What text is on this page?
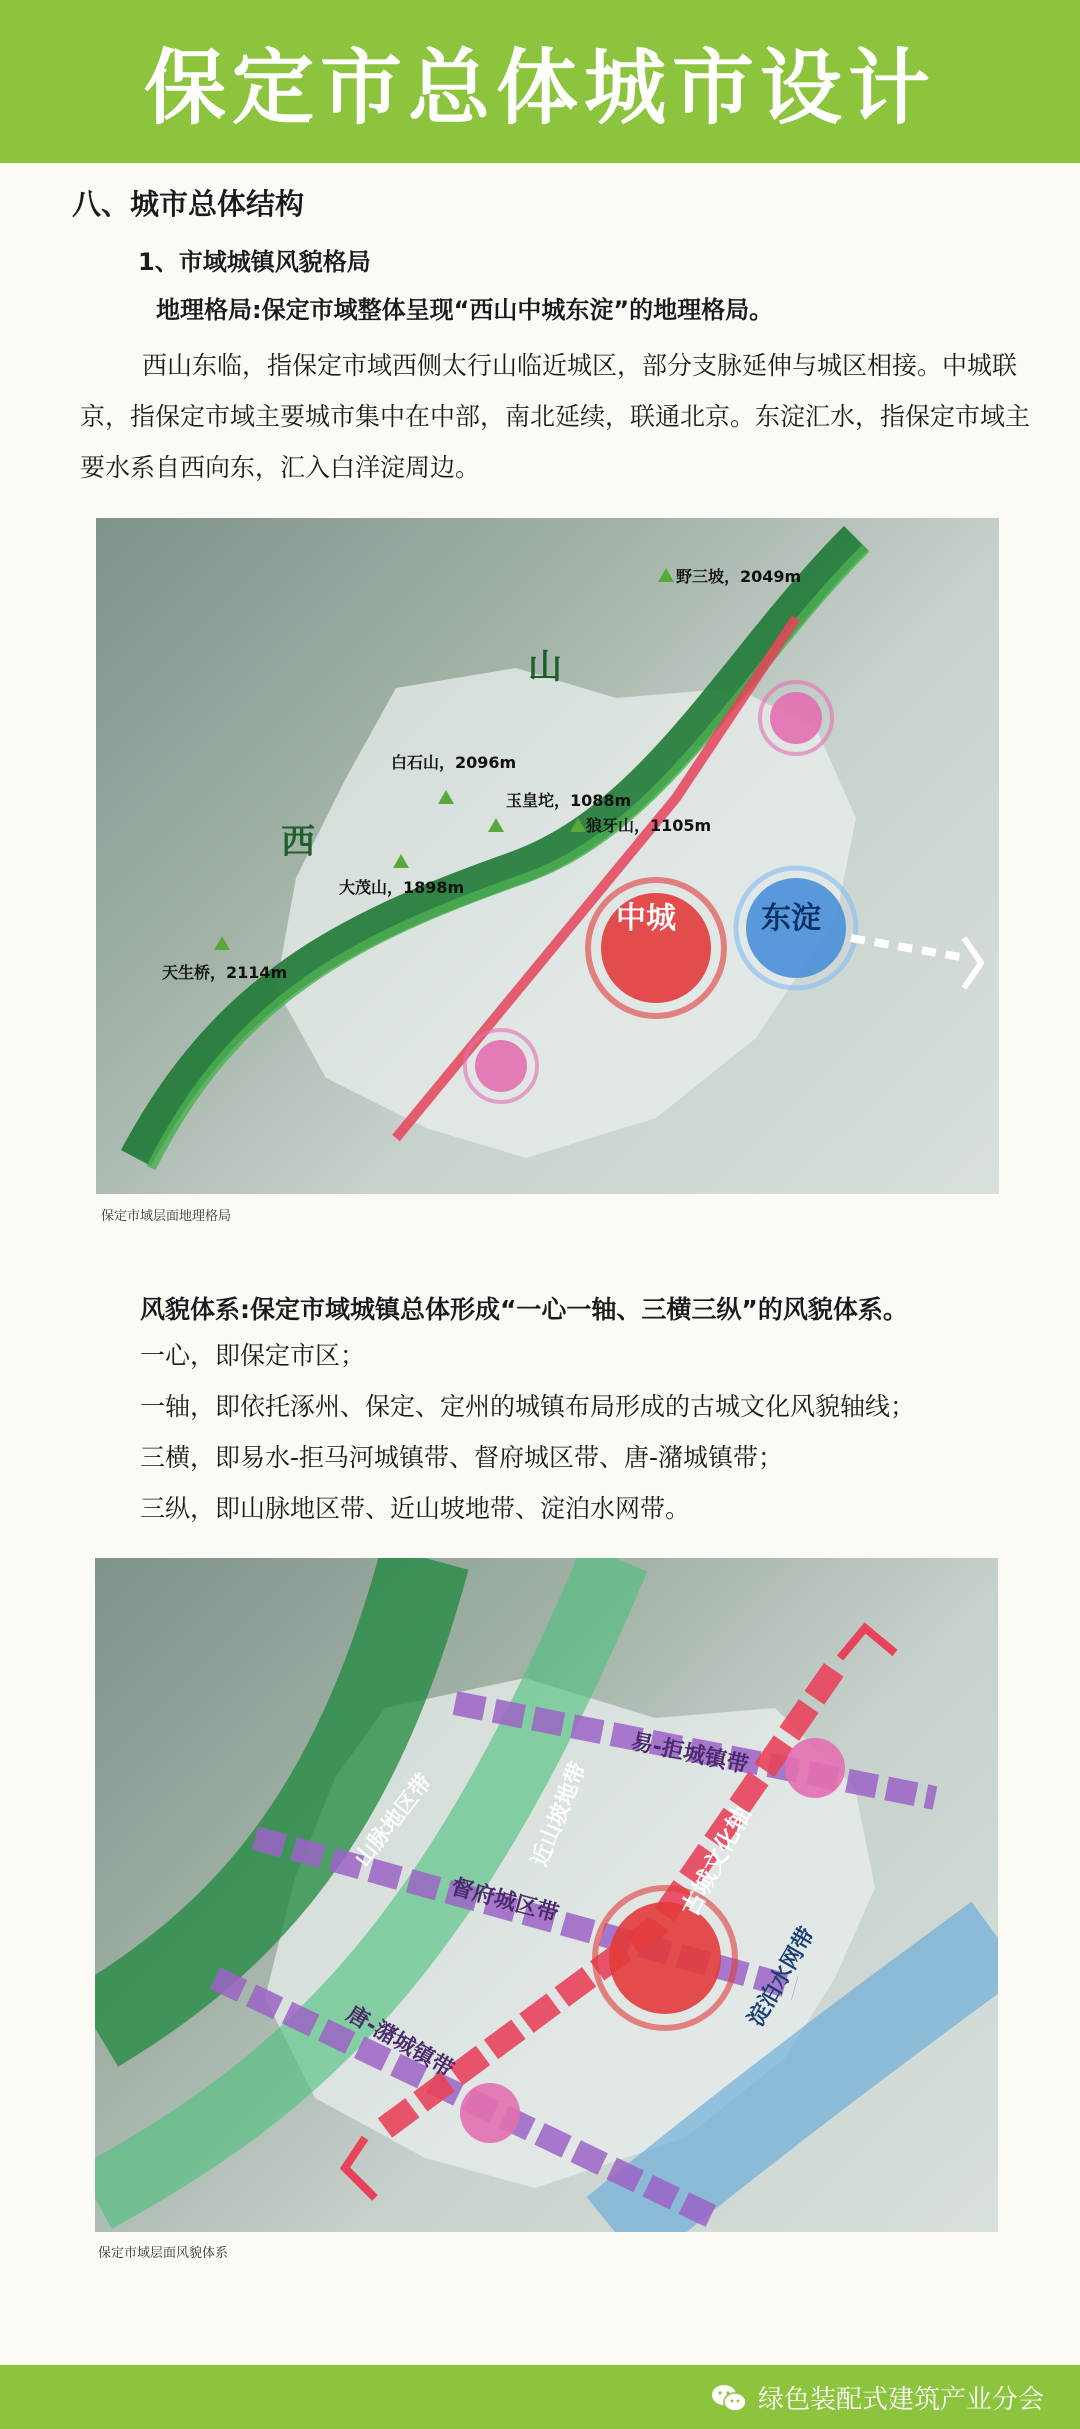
保定市总体城市设计
八、城市总体结构
1、市域城镇风貌格局
地理格局:保定市域整体呈现“西山中城东淀”的地理格局。

西山东临，指保定市域西侧太行山临近城区，部分支脉延伸与城区相接。中城联京，指保定市域主要城市集中在中部，南北延续，联通北京。东淀汇水，指保定市域主要水系自西向东，汇入白洋淀周边。

山
西
中城	东淀
野三坡，2049m
白石山，2096m
玉皇坨，1088m
狼牙山，1105m
大茂山，1898m
天生桥，2114m
保定市域层面地理格局
风貌体系:保定市域城镇总体形成“一心一轴、三横三纵”的风貌体系。
一心，即保定市区；
一轴，即依托涿州、保定、定州的城镇布局形成的古城文化风貌轴线；
三横，即易水-拒马河城镇带、督府城区带、唐-潴城镇带；
三纵，即山脉地区带、近山坡地带、淀泊水网带。
山脉地区带	近山坡地带
易-拒城镇带
督府城区带
唐-潴城镇带
古城文化轴
淀泊水网带
保定市域层面风貌体系
绿色装配式建筑产业分会
